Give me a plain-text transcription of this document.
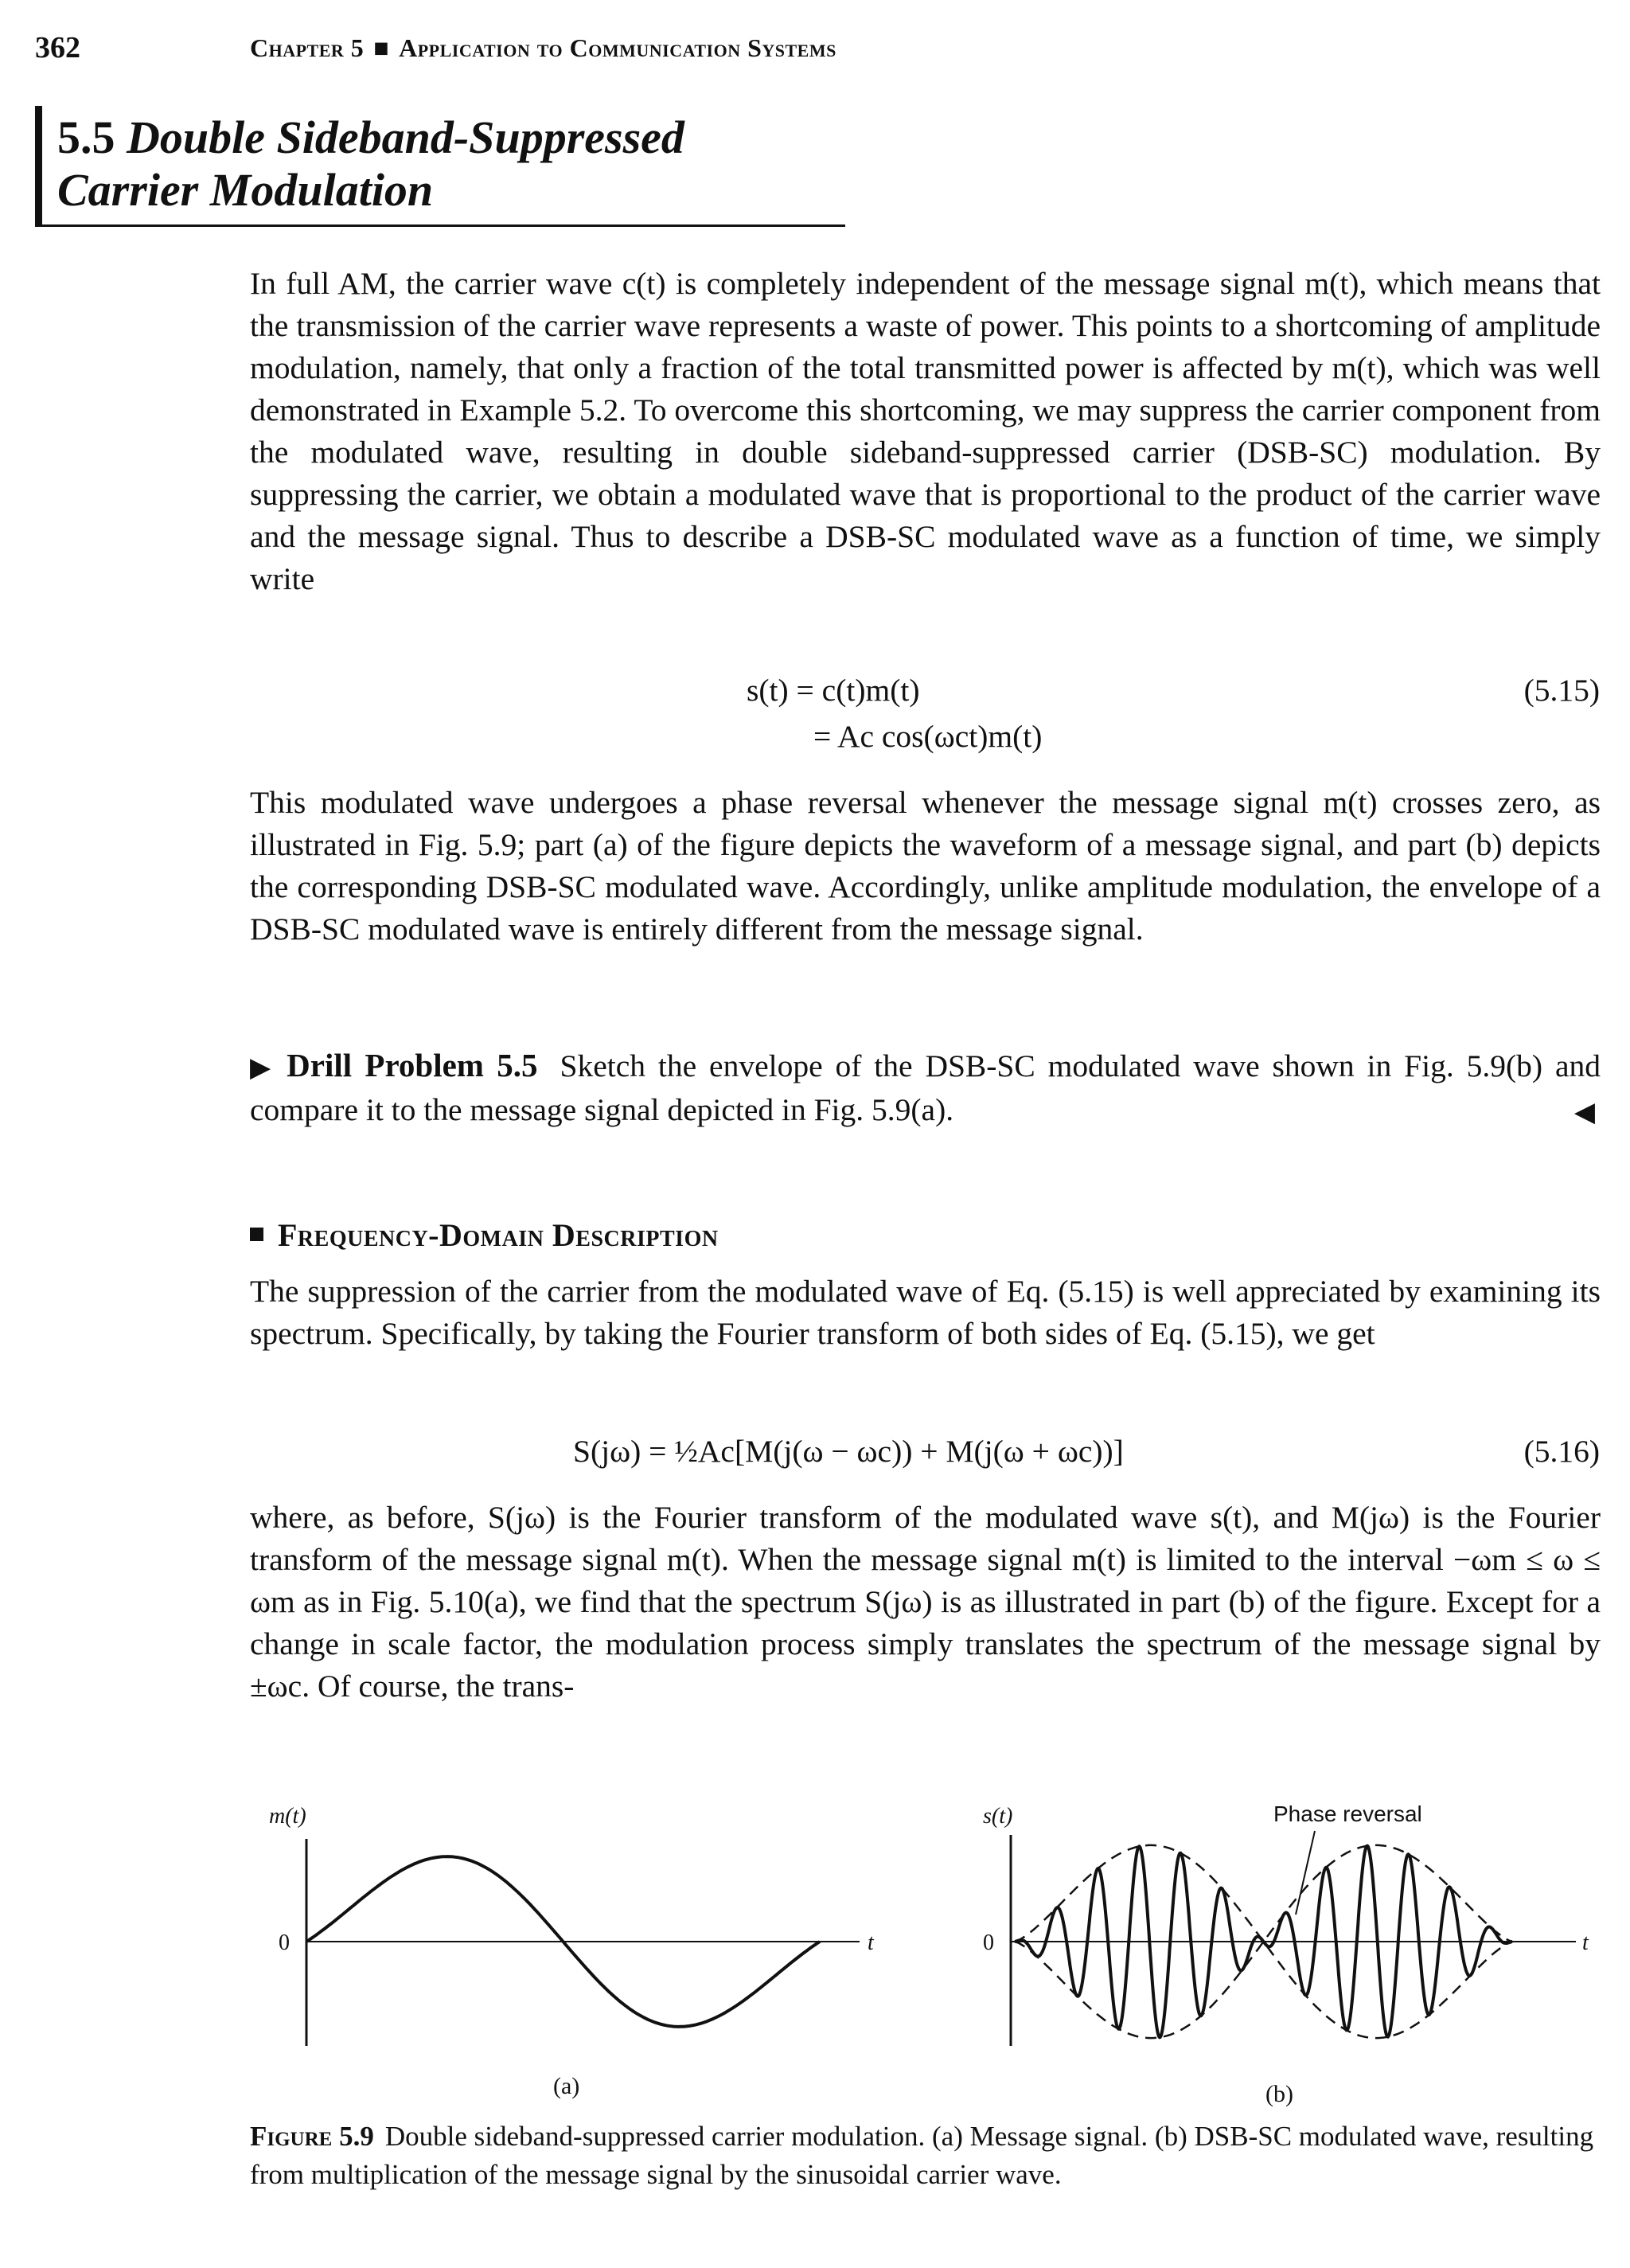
362	Chapter 5 ■ Application to Communication Systems
5.5 Double Sideband-Suppressed
Carrier Modulation
In full AM, the carrier wave c(t) is completely independent of the message signal m(t), which means that the transmission of the carrier wave represents a waste of power. This points to a shortcoming of amplitude modulation, namely, that only a fraction of the total transmitted power is affected by m(t), which was well demonstrated in Example 5.2. To overcome this shortcoming, we may suppress the carrier component from the modulated wave, resulting in double sideband-suppressed carrier (DSB-SC) modulation. By suppressing the carrier, we obtain a modulated wave that is proportional to the product of the carrier wave and the message signal. Thus to describe a DSB-SC modulated wave as a function of time, we simply write
s(t) = c(t)m(t)
= Ac cos(ωct)m(t)
(5.15)
This modulated wave undergoes a phase reversal whenever the message signal m(t) crosses zero, as illustrated in Fig. 5.9; part (a) of the figure depicts the waveform of a message signal, and part (b) depicts the corresponding DSB-SC modulated wave. Accordingly, unlike amplitude modulation, the envelope of a DSB-SC modulated wave is entirely different from the message signal.
▶ Drill Problem 5.5 Sketch the envelope of the DSB-SC modulated wave shown in Fig. 5.9(b) and compare it to the message signal depicted in Fig. 5.9(a).	◀
Frequency-Domain Description
The suppression of the carrier from the modulated wave of Eq. (5.15) is well appreciated by examining its spectrum. Specifically, by taking the Fourier transform of both sides of Eq. (5.15), we get
S(jω) = ½Ac[M(j(ω − ωc)) + M(j(ω + ωc))]	(5.16)
where, as before, S(jω) is the Fourier transform of the modulated wave s(t), and M(jω) is the Fourier transform of the message signal m(t). When the message signal m(t) is limited to the interval −ωm ≤ ω ≤ ωm as in Fig. 5.10(a), we find that the spectrum S(jω) is as illustrated in part (b) of the figure. Except for a change in scale factor, the modulation process simply translates the spectrum of the message signal by ±ωc. Of course, the trans-
m(t)
0	t
(a)
s(t)
0	t
Phase reversal
(b)
Figure 5.9 Double sideband-suppressed carrier modulation. (a) Message signal. (b) DSB-SC modulated wave, resulting from multiplication of the message signal by the sinusoidal carrier wave.
